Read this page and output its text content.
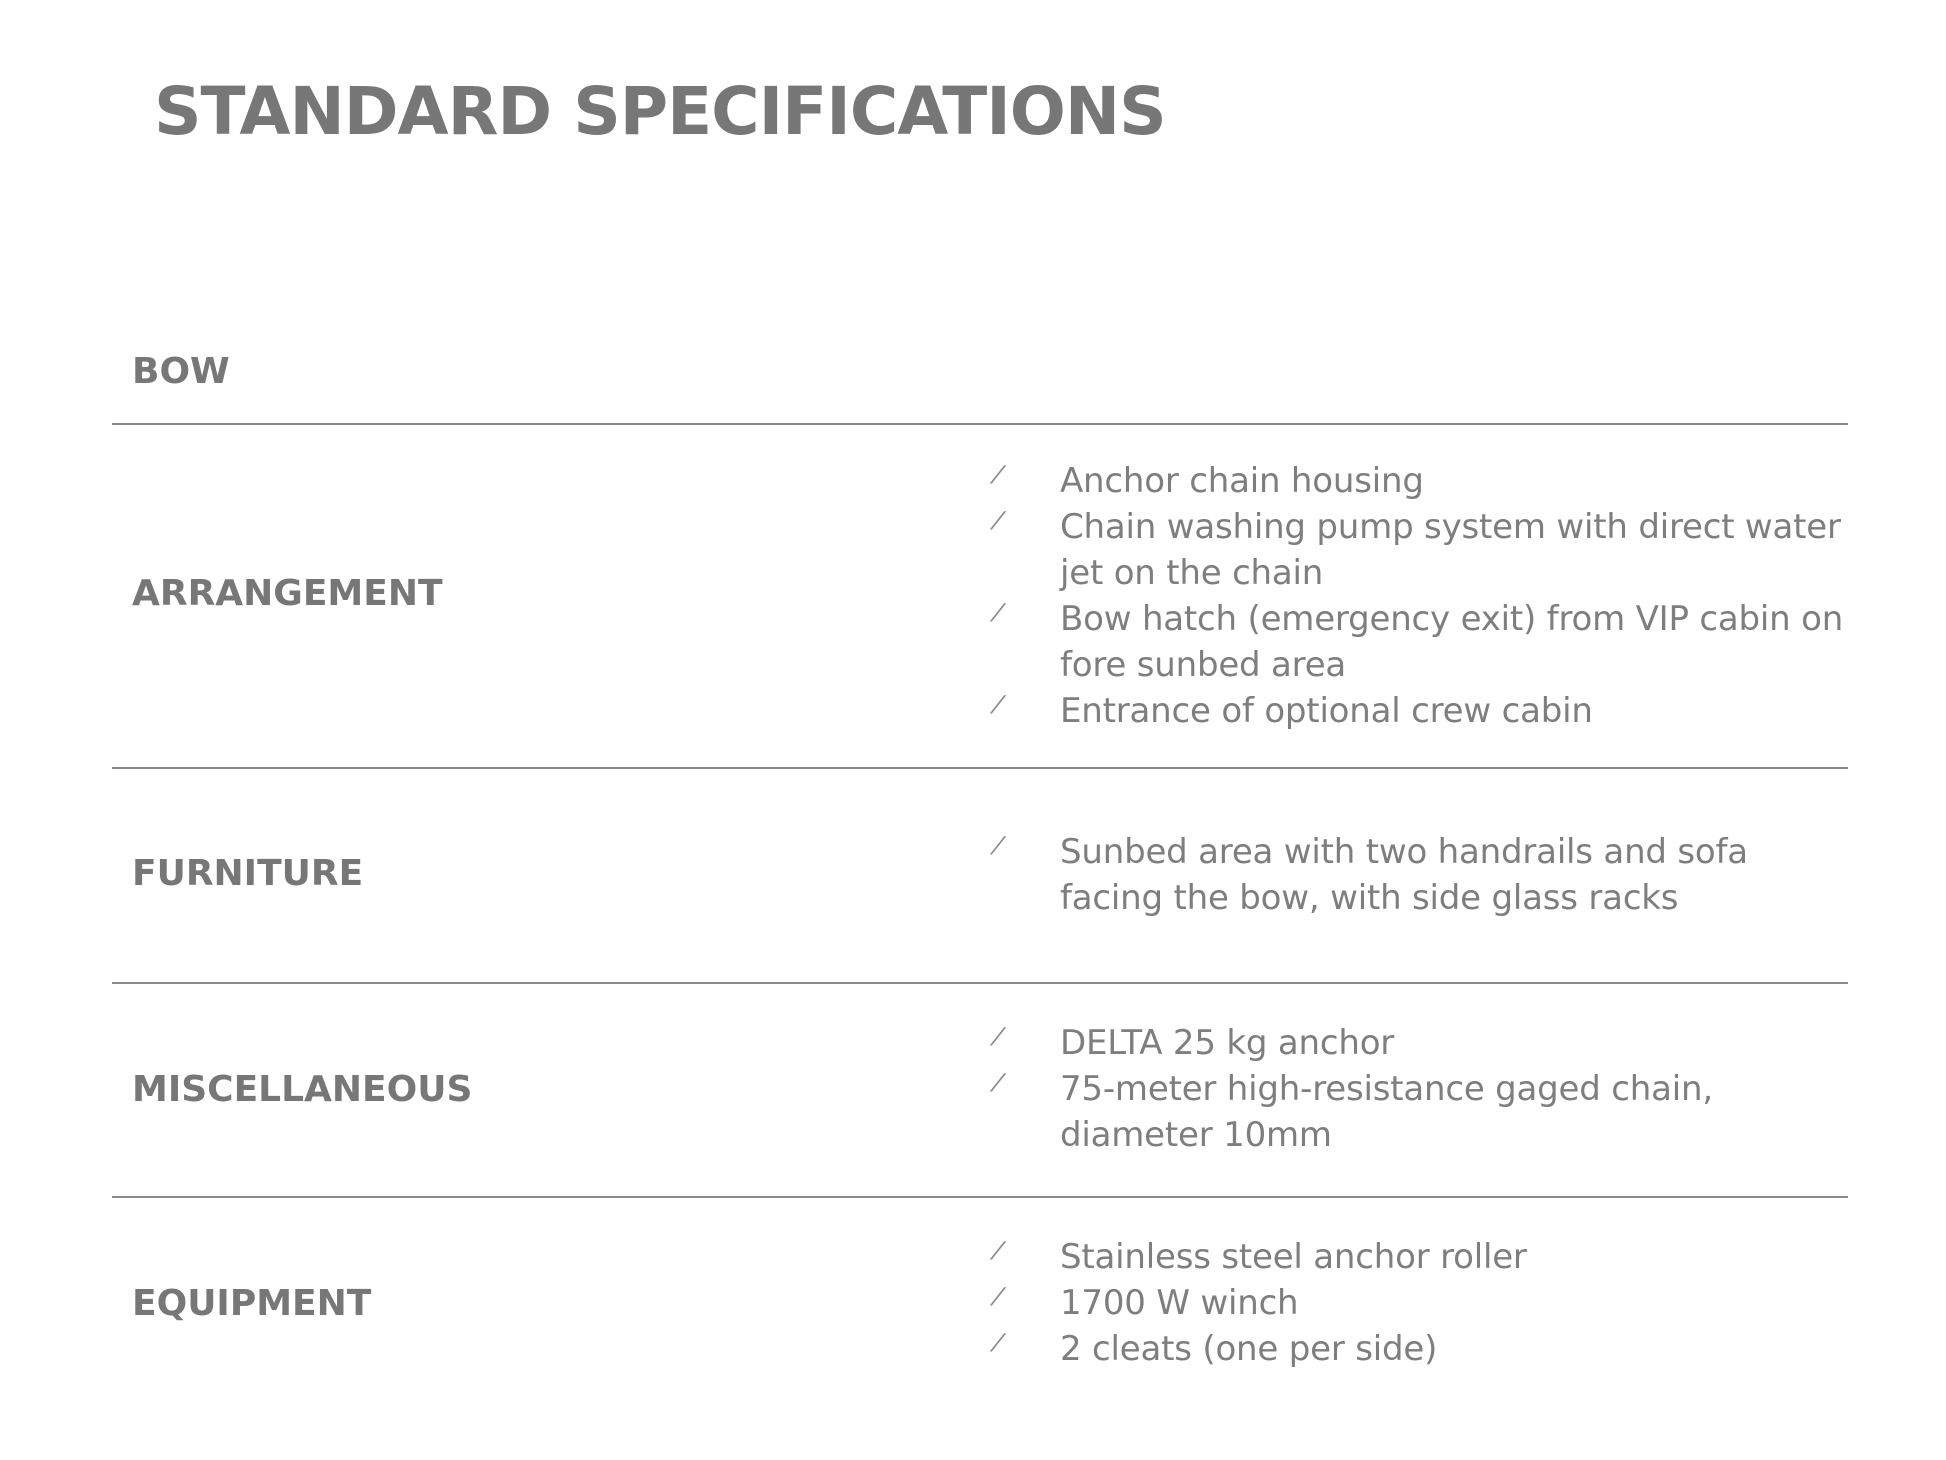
STANDARD SPECIFICATIONS
BOW
ARRANGEMENT
⁄ Anchor chain housing
⁄ Chain washing pump system with direct water jet on the chain
⁄ Bow hatch (emergency exit) from VIP cabin on fore sunbed area
⁄ Entrance of optional crew cabin
FURNITURE
⁄ Sunbed area with two handrails and sofa facing the bow, with side glass racks
MISCELLANEOUS
⁄ DELTA 25 kg anchor
⁄ 75-meter high-resistance gaged chain, diameter 10mm
EQUIPMENT
⁄ Stainless steel anchor roller
⁄ 1700 W winch
⁄ 2 cleats (one per side)
